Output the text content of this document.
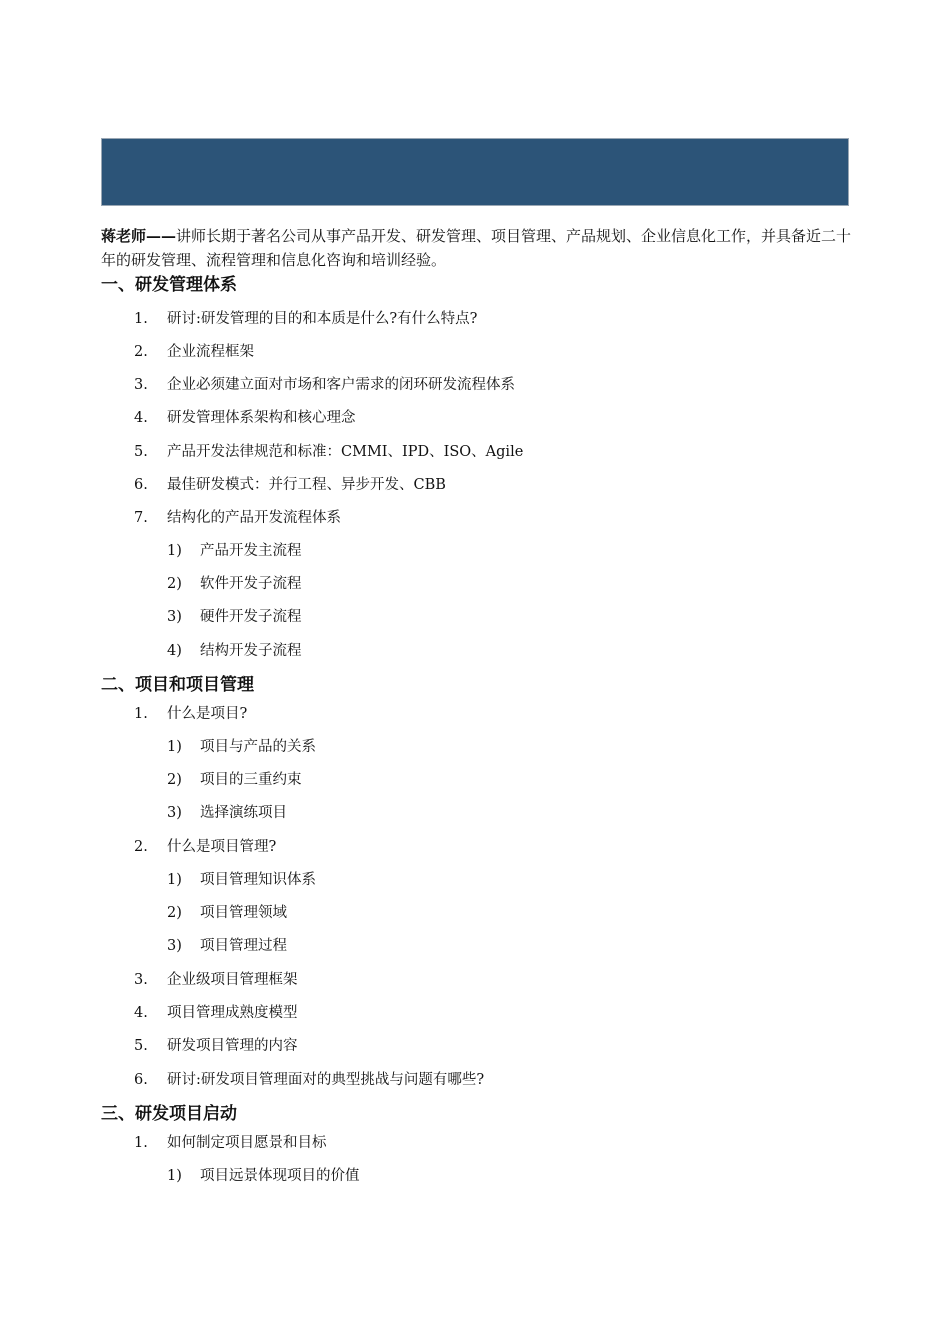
蒋老师——讲师长期于著名公司从事产品开发、研发管理、项目管理、产品规划、企业信息化工作，并具备近二十年的研发管理、流程管理和信息化咨询和培训经验。
一、研发管理体系
1. 研讨:研发管理的目的和本质是什么?有什么特点?
2. 企业流程框架
3. 企业必须建立面对市场和客户需求的闭环研发流程体系
4. 研发管理体系架构和核心理念
5. 产品开发法律规范和标准：CMMI、IPD、ISO、Agile
6. 最佳研发模式：并行工程、异步开发、CBB
7. 结构化的产品开发流程体系
1) 产品开发主流程
2) 软件开发子流程
3) 硬件开发子流程
4) 结构开发子流程
二、项目和项目管理
1. 什么是项目?
1) 项目与产品的关系
2) 项目的三重约束
3) 选择演练项目
2. 什么是项目管理?
1) 项目管理知识体系
2) 项目管理领域
3) 项目管理过程
3. 企业级项目管理框架
4. 项目管理成熟度模型
5. 研发项目管理的内容
6. 研讨:研发项目管理面对的典型挑战与问题有哪些?
三、研发项目启动
1. 如何制定项目愿景和目标
1) 项目远景体现项目的价值
